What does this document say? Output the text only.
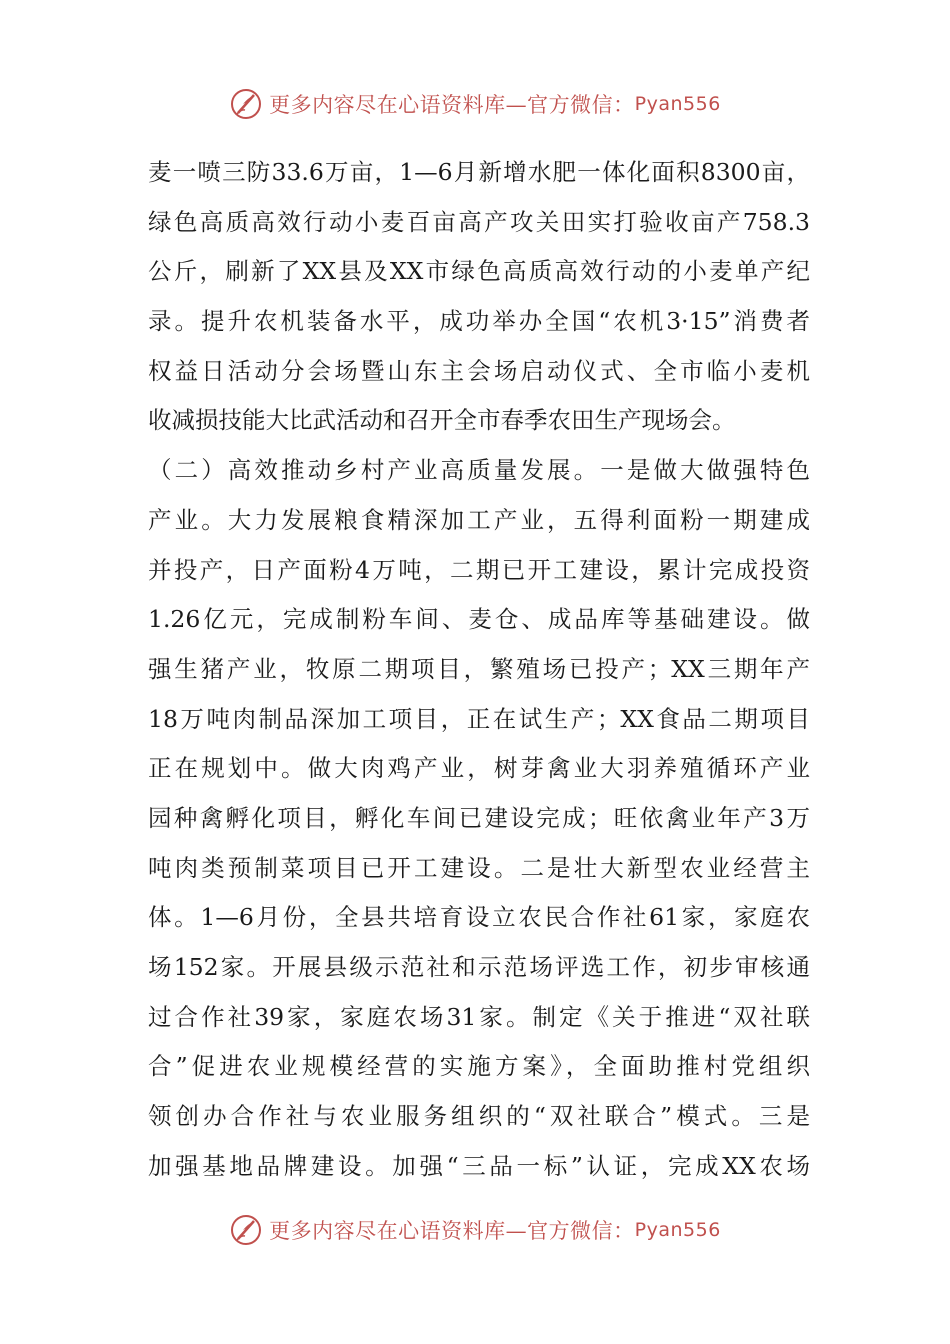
更多内容尽在心语资料库—官方微信： Pyan556
麦一喷三防33.6万亩，1—6月新增水肥一体化面积8300亩，
绿色高质高效行动小麦百亩高产攻关田实打验收亩产758.3
公斤，刷新了XX县及XX市绿色高质高效行动的小麦单产纪
录。提升农机装备水平，成功举办全国“农机3·15”消费者
权益日活动分会场暨山东主会场启动仪式、全市临小麦机
收减损技能大比武活动和召开全市春季农田生产现场会。
（二）高效推动乡村产业高质量发展。一是做大做强特色
产业。大力发展粮食精深加工产业，五得利面粉一期建成
并投产，日产面粉4万吨，二期已开工建设，累计完成投资
1.26亿元，完成制粉车间、麦仓、成品库等基础建设。做
强生猪产业，牧原二期项目，繁殖场已投产；XX三期年产
18万吨肉制品深加工项目，正在试生产；XX食品二期项目
正在规划中。做大肉鸡产业，树芽禽业大羽养殖循环产业
园种禽孵化项目，孵化车间已建设完成；旺依禽业年产3万
吨肉类预制菜项目已开工建设。二是壮大新型农业经营主
体。1—6月份，全县共培育设立农民合作社61家，家庭农
场152家。开展县级示范社和示范场评选工作，初步审核通
过合作社39家，家庭农场31家。制定《关于推进“双社联
合”促进农业规模经营的实施方案》，全面助推村党组织
领创办合作社与农业服务组织的“双社联合”模式。三是
加强基地品牌建设。加强“三品一标”认证，完成XX农场
更多内容尽在心语资料库—官方微信： Pyan556
